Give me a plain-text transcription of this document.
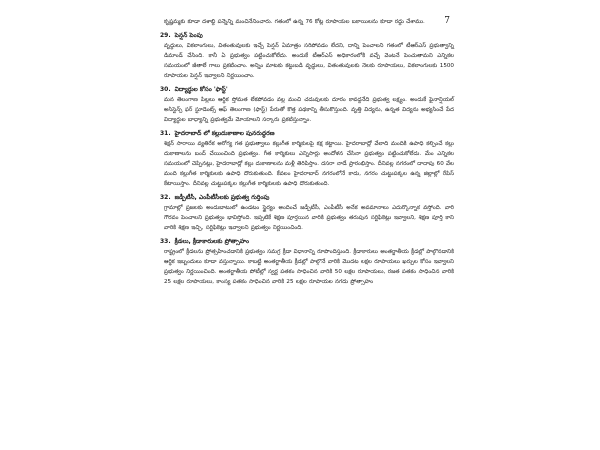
7

కృష్ణమ్మకు కూడా దశాబ్ది పన్నెన్ని మంచినేనించారు. గతంలో ఉన్న 76 కోట్ల రూపాయల బకాయిలను కూడా రద్దు చేశాము.

29. పెన్షన్ పెంపు

వృద్ధులు, వికలాంగులు, వితంతువులకు ఇచ్చే పెన్షన్ ఏమాత్రం సరిపోవడం లేదని, దాన్ని పెంచాలని గతంలో టీఆర్ఎస్ ప్రభుత్వాన్ని డిమాండ్ చేసింది. కానీ ఏ ప్రభుత్వం పట్టించుకోలేదు. అందుకే టీఆర్ఎస్ అధికారంలోకి వచ్చే వెంటనే పెంచుతామని ఎన్నికల సమయంలో జీతాలే గాలు ప్రకటించాం. అన్నిం మాటకు కట్టుబడి వృద్ధులు, వితంతువులకు నెలకు రూపాయలు, వికలాంగులకు 1500 రూపాయల పెన్షన్ ఇవ్వాలని నిర్ణయించాం.

30. విద్యార్థుల కోసం 'ఫాస్ట్'

మన తెలంగాణ పిల్లలు ఆర్థిక స్తోమత లేకపోవడం వల్ల మంచి చదువులకు దూరం కావద్దనేది ప్రభుత్వ లక్ష్యం. అందుకే ఫైనాన్షియల్ అసిస్టెన్స్ ఫర్ స్టూడెంట్స్ ఆఫ్ తెలంగాణ (ఫాస్ట్) పేరుతో కొత్త పథకాన్ని తీసుకొస్తుంది. వృత్తి విద్యను, ఉన్నత విద్యను అభ్యసించే పేద విద్యార్థుల బాధ్యాన్ని ప్రభుత్వమే మోయాలని సర్కారు ప్రకటిస్తున్నాం.

31. హైదరాబాద్ లో కల్లుదుకాణాల పునరుద్ధరణ

శిక్షన్ సారాయి వ్యతిరేక అరోగ్య గత ప్రభుత్వాలు కల్లుగీత కార్మికులపై కక్ష కట్టాయి. హైదరాబాద్లో వేలాది మందికి ఉపాధి కల్పించే కల్లు దుకాణాలను బంద్ చేయించింది ప్రభుత్వం. గీత కార్మికులు ఎన్నిసార్లు అందోళన చేసినా ప్రభుత్వం పట్టించుకోలేదు. మేం ఎన్నికల సమయంలో చెప్పినట్లు, హైదరాబాద్లో కల్లు దుకాణాలను మళ్లీ తెరిపిస్తాం. దసరా నాడే ప్రారంభిస్తాం. దీనివల్ల నగరంలో దాదాపు 60 వేల మంది కల్లుగీత కార్మికులకు ఉపాధి దొరుకుతుంది. కేవలం హైదరాబాద్ నగరంలోనే కాదు, నగరం చుట్టుపక్కల ఉన్న జిల్లాల్లో రేపిస్ కేటాయిస్తాం. దీనివల్ల చుట్టుపక్కల కల్లుగీత కార్మికులకు ఉపాధి దొరుకుతుంది.

32. జడ్పీటీసీ, ఎంపీటీసీలకు ప్రభుత్వ గుర్తింపు

గ్రామాల్లో ప్రజలకు అందుబాటులో ఉండటం స్థైర్యం అందించే జడ్పీటీసీ, ఎంపీటీసీ అనేక అవమానాలు ఎదుర్కొన్నాక వస్తోంది. వారి గౌరవం పెంచాలని ప్రభుత్వం భావిస్తోంది. ఇప్పటికే శిక్షణ పూర్తయిన వారికి ప్రభుత్వం తరుపున సర్టిఫికెట్లు ఇవ్వాలని, శిక్షణ పూర్తి కాని వారికి శిక్షణ ఇచ్చి, సర్టిఫికెట్లు ఇవ్వాలని ప్రభుత్వం నిర్ణయించింది.

33. క్రీడలు, క్రీడాకారులకు ప్రోత్సాహం

రాష్ట్రంలో క్రీడలను ప్రోత్సహించడానికి ప్రభుత్వం సమగ్ర క్రీడా విధానాన్ని రూపొందిస్తుంది. క్రీడాకారులు అంతర్జాతీయ క్రీడల్లో పాల్గొనడానికి ఆర్థిక ఇబ్బందులు కూడా వస్తున్నాయి. కాబట్టి అంతర్జాతీయ క్రీడల్లో పాల్గొనే వారికి మొదట లక్షల రూపాయలు ఖర్చుల కోసం ఇవ్వాలని ప్రభుత్వం నిర్ణయించింది. అంతర్జాతీయ పోటీల్లో స్వర్ణ పతకం సాధించిన వారికి 50 లక్షల రూపాయలు, రజత పతకం సాధించిన వారికి 25 లక్షల రూపాయలు, కాంస్య పతకం సాధించిన వారికి 25 లక్షల రూపాయల నగదు ప్రోత్సాహం
